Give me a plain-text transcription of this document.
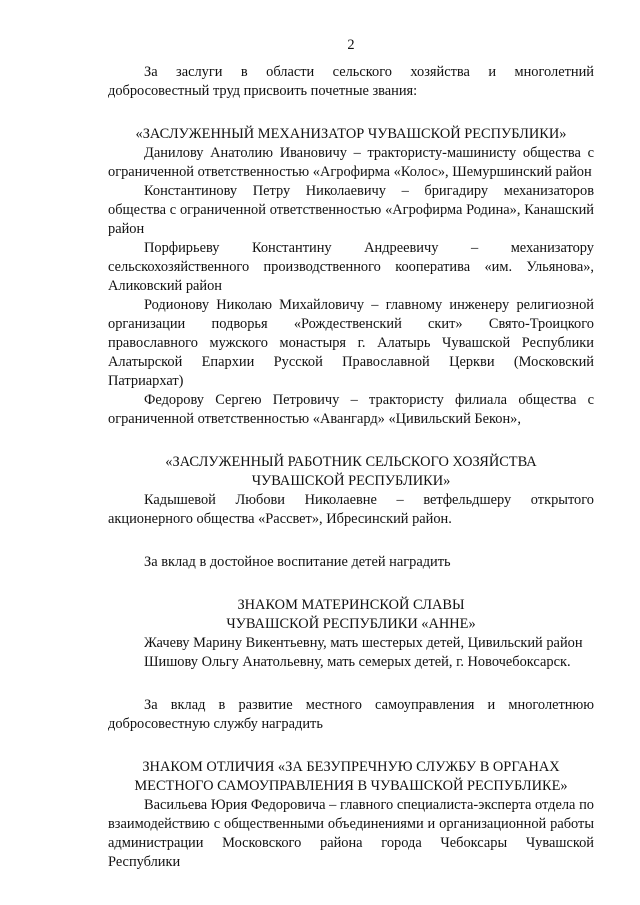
2

За заслуги в области сельского хозяйства и многолетний добросовестный труд присвоить почетные звания:

«ЗАСЛУЖЕННЫЙ МЕХАНИЗАТОР ЧУВАШСКОЙ РЕСПУБЛИКИ»

Данилову Анатолию Ивановичу – трактористу-машинисту общества с ограниченной ответственностью «Агрофирма «Колос», Шемуршинский район

Константинову Петру Николаевичу – бригадиру механизаторов общества с ограниченной ответственностью «Агрофирма Родина», Канашский район

Порфирьеву Константину Андреевичу – механизатору сельскохозяйственного производственного кооператива «им. Ульянова», Аликовский район

Родионову Николаю Михайловичу – главному инженеру религиозной организации подворья «Рождественский скит» Свято-Троицкого православного мужского монастыря г. Алатырь Чувашской Республики Алатырской Епархии Русской Православной Церкви (Московский Патриархат)

Федорову Сергею Петровичу – трактористу филиала общества с ограниченной ответственностью «Авангард» «Цивильский Бекон»,

«ЗАСЛУЖЕННЫЙ РАБОТНИК СЕЛЬСКОГО ХОЗЯЙСТВА

ЧУВАШСКОЙ РЕСПУБЛИКИ»

Кадышевой Любови Николаевне – ветфельдшеру открытого акционерного общества «Рассвет», Ибресинский район.

За вклад в достойное воспитание детей наградить

ЗНАКОМ МАТЕРИНСКОЙ СЛАВЫ

ЧУВАШСКОЙ РЕСПУБЛИКИ «АННЕ»

Жачеву Марину Викентьевну, мать шестерых детей, Цивильский район

Шишову Ольгу Анатольевну, мать семерых детей, г. Новочебоксарск.

За вклад в развитие местного самоуправления и многолетнюю добросовестную службу наградить

ЗНАКОМ ОТЛИЧИЯ «ЗА БЕЗУПРЕЧНУЮ СЛУЖБУ В ОРГАНАХ

МЕСТНОГО САМОУПРАВЛЕНИЯ В ЧУВАШСКОЙ РЕСПУБЛИКЕ»

Васильева Юрия Федоровича – главного специалиста-эксперта отдела по взаимодействию с общественными объединениями и организационной работы администрации Московского района города Чебоксары Чувашской Республики
